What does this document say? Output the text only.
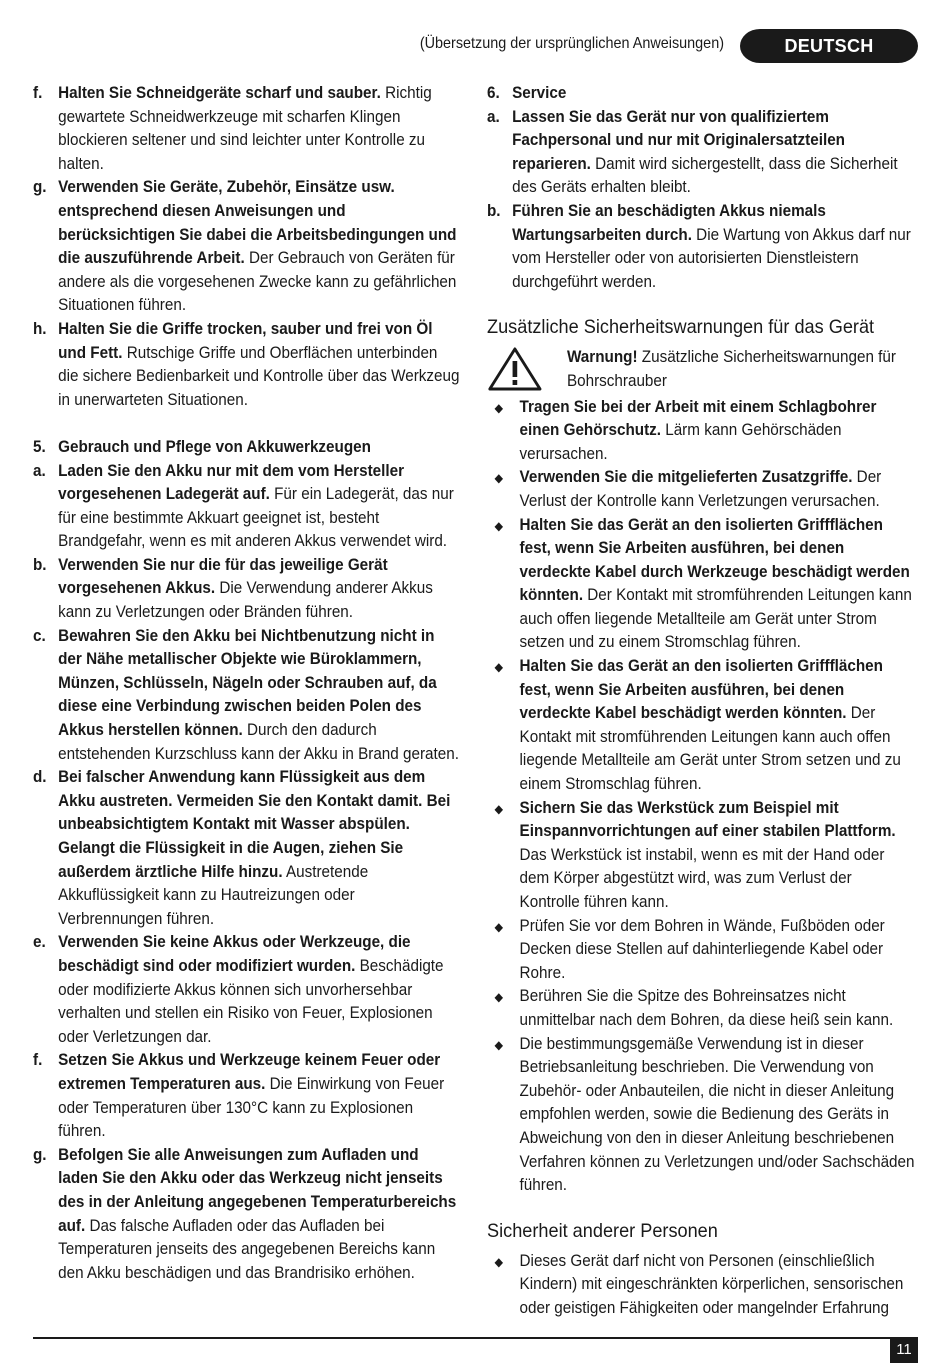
(Übersetzung der ursprünglichen Anweisungen)	DEUTSCH
f. Halten Sie Schneidgeräte scharf und sauber. Richtig gewartete Schneidwerkzeuge mit scharfen Klingen blockieren seltener und sind leichter unter Kontrolle zu halten.
g. Verwenden Sie Geräte, Zubehör, Einsätze usw. entsprechend diesen Anweisungen und berücksichtigen Sie dabei die Arbeitsbedingungen und die auszuführende Arbeit. Der Gebrauch von Geräten für andere als die vorgesehenen Zwecke kann zu gefährlichen Situationen führen.
h. Halten Sie die Griffe trocken, sauber und frei von Öl und Fett. Rutschige Griffe und Oberflächen unterbinden die sichere Bedienbarkeit und Kontrolle über das Werkzeug in unerwarteten Situationen.
5. Gebrauch und Pflege von Akkuwerkzeugen
a. Laden Sie den Akku nur mit dem vom Hersteller vorgesehenen Ladegerät auf. Für ein Ladegerät, das nur für eine bestimmte Akkuart geeignet ist, besteht Brandgefahr, wenn es mit anderen Akkus verwendet wird.
b. Verwenden Sie nur die für das jeweilige Gerät vorgesehenen Akkus. Die Verwendung anderer Akkus kann zu Verletzungen oder Bränden führen.
c. Bewahren Sie den Akku bei Nichtbenutzung nicht in der Nähe metallischer Objekte wie Büroklammern, Münzen, Schlüsseln, Nägeln oder Schrauben auf, da diese eine Verbindung zwischen beiden Polen des Akkus herstellen können. Durch den dadurch entstehenden Kurzschluss kann der Akku in Brand geraten.
d. Bei falscher Anwendung kann Flüssigkeit aus dem Akku austreten. Vermeiden Sie den Kontakt damit. Bei unbeabsichtigtem Kontakt mit Wasser abspülen. Gelangt die Flüssigkeit in die Augen, ziehen Sie außerdem ärztliche Hilfe hinzu. Austretende Akkuflüssigkeit kann zu Hautreizungen oder Verbrennungen führen.
e. Verwenden Sie keine Akkus oder Werkzeuge, die beschädigt sind oder modifiziert wurden. Beschädigte oder modifizierte Akkus können sich unvorhersehbar verhalten und stellen ein Risiko von Feuer, Explosionen oder Verletzungen dar.
f. Setzen Sie Akkus und Werkzeuge keinem Feuer oder extremen Temperaturen aus. Die Einwirkung von Feuer oder Temperaturen über 130°C kann zu Explosionen führen.
g. Befolgen Sie alle Anweisungen zum Aufladen und laden Sie den Akku oder das Werkzeug nicht jenseits des in der Anleitung angegebenen Temperaturbereichs auf. Das falsche Aufladen oder das Aufladen bei Temperaturen jenseits des angegebenen Bereichs kann den Akku beschädigen und das Brandrisiko erhöhen.
6. Service
a. Lassen Sie das Gerät nur von qualifiziertem Fachpersonal und nur mit Originalersatzteilen reparieren. Damit wird sichergestellt, dass die Sicherheit des Geräts erhalten bleibt.
b. Führen Sie an beschädigten Akkus niemals Wartungsarbeiten durch. Die Wartung von Akkus darf nur vom Hersteller oder von autorisierten Dienstleistern durchgeführt werden.
Zusätzliche Sicherheitswarnungen für das Gerät
Warnung! Zusätzliche Sicherheitswarnungen für Bohrschrauber
◆	Tragen Sie bei der Arbeit mit einem Schlagbohrer einen Gehörschutz. Lärm kann Gehörschäden verursachen.
◆	Verwenden Sie die mitgelieferten Zusatzgriffe. Der Verlust der Kontrolle kann Verletzungen verursachen.
◆	Halten Sie das Gerät an den isolierten Griffflächen fest, wenn Sie Arbeiten ausführen, bei denen verdeckte Kabel durch Werkzeuge beschädigt werden könnten. Der Kontakt mit stromführenden Leitungen kann auch offen liegende Metallteile am Gerät unter Strom setzen und zu einem Stromschlag führen.
◆	Halten Sie das Gerät an den isolierten Griffflächen fest, wenn Sie Arbeiten ausführen, bei denen verdeckte Kabel beschädigt werden könnten. Der Kontakt mit stromführenden Leitungen kann auch offen liegende Metallteile am Gerät unter Strom setzen und zu einem Stromschlag führen.
◆	Sichern Sie das Werkstück zum Beispiel mit Einspannvorrichtungen auf einer stabilen Plattform. Das Werkstück ist instabil, wenn es mit der Hand oder dem Körper abgestützt wird, was zum Verlust der Kontrolle führen kann.
◆	Prüfen Sie vor dem Bohren in Wände, Fußböden oder Decken diese Stellen auf dahinterliegende Kabel oder Rohre.
◆	Berühren Sie die Spitze des Bohreinsatzes nicht unmittelbar nach dem Bohren, da diese heiß sein kann.
◆	Die bestimmungsgemäße Verwendung ist in dieser Betriebsanleitung beschrieben. Die Verwendung von Zubehör- oder Anbauteilen, die nicht in dieser Anleitung empfohlen werden, sowie die Bedienung des Geräts in Abweichung von den in dieser Anleitung beschriebenen Verfahren können zu Verletzungen und/oder Sachschäden führen.
Sicherheit anderer Personen
◆	Dieses Gerät darf nicht von Personen (einschließlich Kindern) mit eingeschränkten körperlichen, sensorischen oder geistigen Fähigkeiten oder mangelnder Erfahrung
11
